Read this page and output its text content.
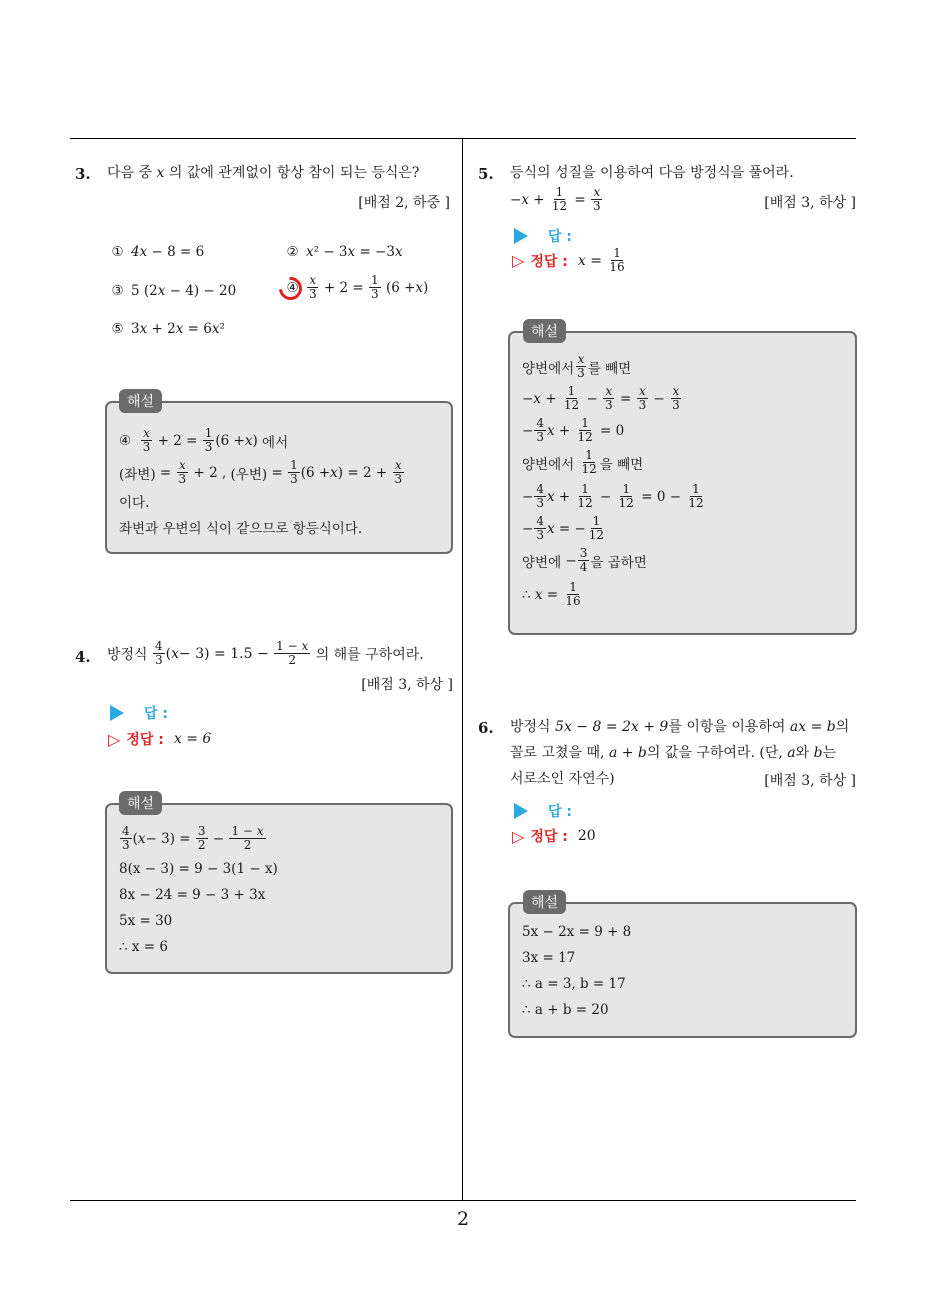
3. 다음 중 x 의 값에 관계없이 항상 참이 되는 등식은?
[배점 2, 하중 ]
① 4x − 8 = 6	② x² − 3x = −3x
③ 5 (2x − 4) − 20	④ $\frac{x}{3} + 2 = \frac{1}{3} (6 + x$ )
⑤ 3x + 2x = 6x²
④
$\frac{x}{3} + 2 = \frac{1}{3} (6 + x$ ) 에서
(좌변) = $\frac{x}{3} + 2$ , (우변) = $\frac{1}{3} (6 + x$ ) = $2 + \frac{x}{3}$
이다.
좌변과 우변의 식이 같으므로 항등식이다.
해설
4. 방정식
$\frac{4}{3}$ ( $x - 3) = 1.5 - \frac{1 - x}{2}$
의 해를 구하여라.
[배점 3, 하상 ]
답 :
▷ 정답 : x = 6
$\frac{4}{3}$ ( $x - 3) = \frac{3}{2} - \frac{1 - x}{2}$
8(x − 3) = 9 − 3(1 − x)
8x − 24 = 9 − 3 + 3x
5x = 30
∴ x = 6
해설
5. 등식의 성질을 이용하여 다음 방정식을 풀어라.
− $x + \frac{1}{12} = \frac{x}{3}$	[배점 3, 하상 ]
답 :
▷ 정답 : $x = \frac{1}{16}$
양변에서 $\frac{x}{3}$ 를 빼면
− $x + \frac{1}{12} - \frac{x}{3} = \frac{x}{3} - \frac{x}{3}$
− $\frac{4}{3}$ $x + \frac{1}{12} = 0$
양변에서
$\frac{1}{12}$ 을 빼면
− $\frac{4}{3}$ $x + \frac{1}{12} - \frac{1}{12} = 0 - \frac{1}{12}$
− $\frac{4}{3}$ x = − $\frac{1}{12}$
양변에 − $\frac{3}{4}$ 을 곱하면
∴ $x = \frac{1}{16}$
해설
6. 방정식 5x − 8 = 2x + 9를 이항을 이용하여 ax = b의
꼴로 고쳤을 때, a + b의 값을 구하여라. (단, a와 b는
서로소인 자연수)	[배점 3, 하상 ]
답 :
▷ 정답 : 20
5x − 2x = 9 + 8
3x = 17
∴ a = 3, b = 17
∴ a + b = 20
해설
2
